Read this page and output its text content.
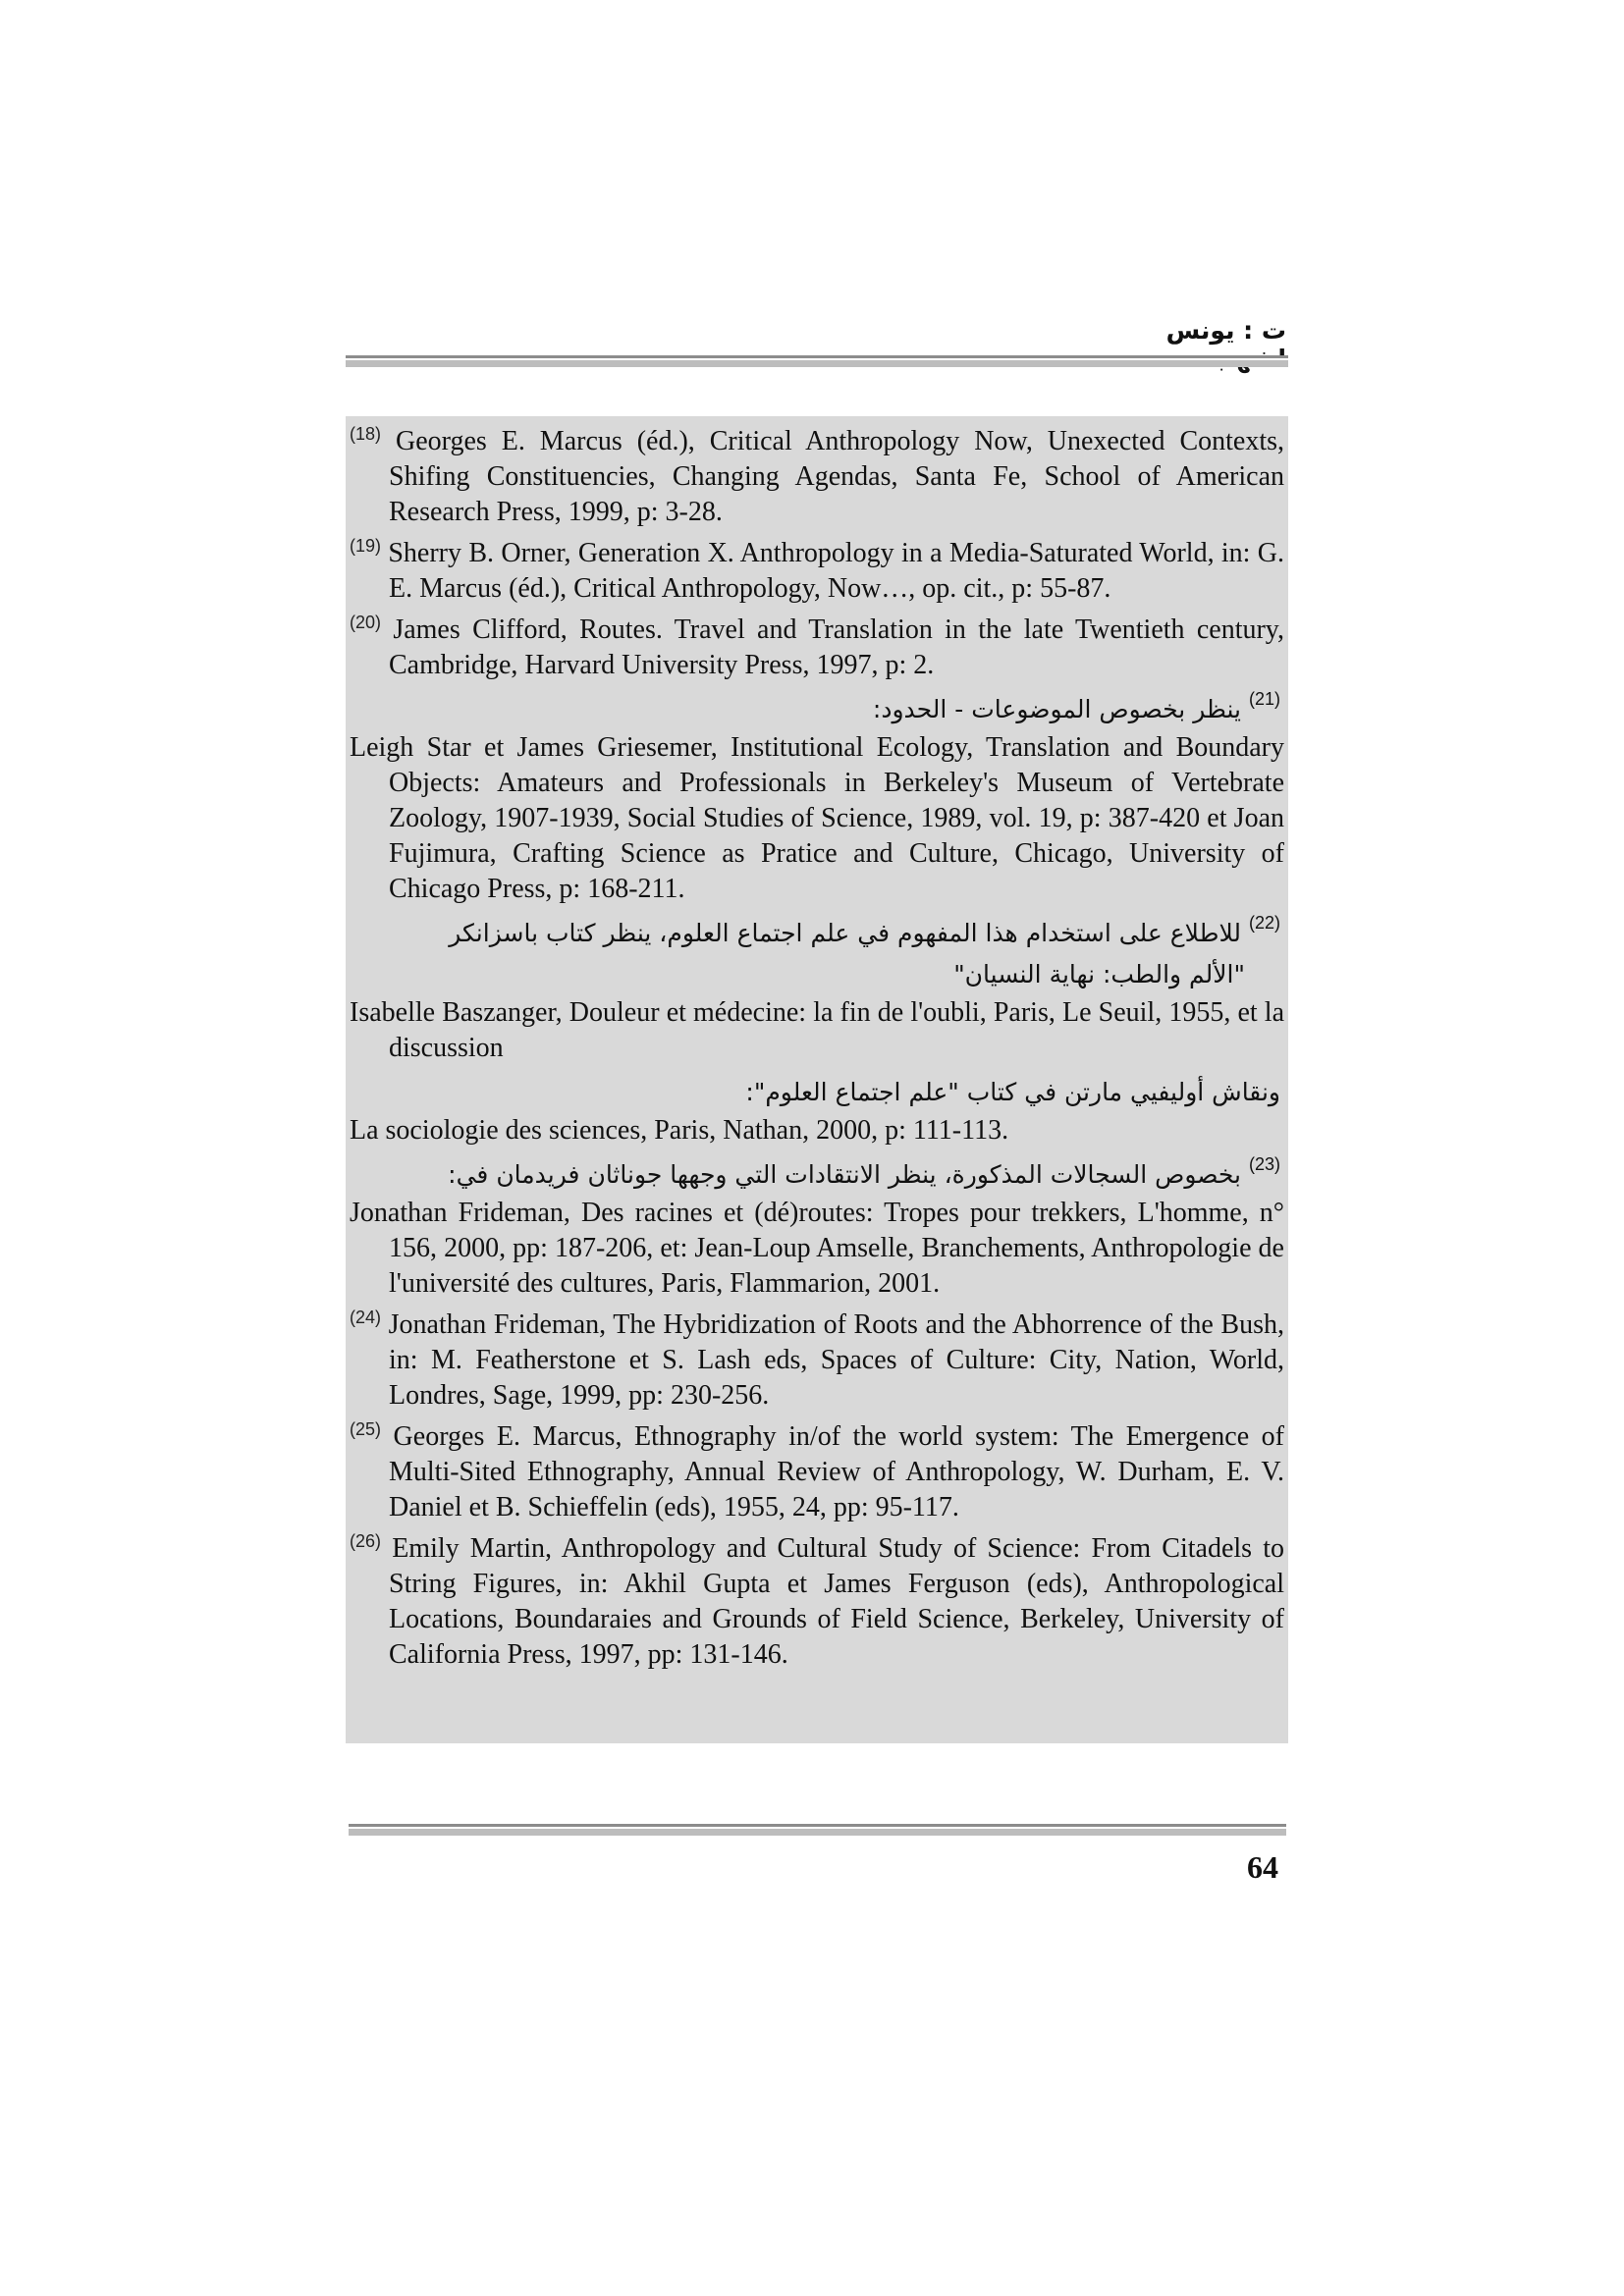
ت : يونس
$^{(18)}$ Georges E. Marcus (éd.), Critical Anthropology Now, Unexected Contexts, Shifing Constituencies, Changing Agendas, Santa Fe, School of American Research Press, 1999, p: 3-28.
$^{(19)}$ Sherry B. Orner, Generation X. Anthropology in a Media-Saturated World, in: G. E. Marcus (éd.), Critical Anthropology, Now…, op. cit., p: 55-87.
$^{(20)}$ James Clifford, Routes. Travel and Translation in the late Twentieth century, Cambridge, Harvard University Press, 1997, p: 2.
$^{(21)}$ ينظر بخصوص الموضوعات - الحدود:
Leigh Star et James Griesemer, Institutional Ecology, Translation and Boundary Objects: Amateurs and Professionals in Berkeley's Museum of Vertebrate Zoology, 1907-1939, Social Studies of Science, 1989, vol. 19, p: 387-420 et Joan Fujimura, Crafting Science as Pratice and Culture, Chicago, University of Chicago Press, p: 168-211.
$^{(22)}$ للاطلاع على استخدام هذا المفهوم في علم اجتماع العلوم، ينظر كتاب باسزانكر
"الألم والطب: نهاية النسيان"
Isabelle Baszanger, Douleur et médecine: la fin de l'oubli, Paris, Le Seuil, 1955, et la discussion
ونقاش أوليفيي مارتن في كتاب "علم اجتماع العلوم":
La sociologie des sciences, Paris, Nathan, 2000, p: 111-113.
$^{(23)}$ بخصوص السجالات المذكورة، ينظر الانتقادات التي وجهها جوناثان فريدمان في:
Jonathan Frideman, Des racines et (dé)routes: Tropes pour trekkers, L'homme, n° 156, 2000, pp: 187-206, et: Jean-Loup Amselle, Branchements, Anthropologie de l'université des cultures, Paris, Flammarion, 2001.
$^{(24)}$ Jonathan Frideman, The Hybridization of Roots and the Abhorrence of the Bush, in: M. Featherstone et S. Lash eds, Spaces of Culture: City, Nation, World, Londres, Sage, 1999, pp: 230-256.
$^{(25)}$ Georges E. Marcus, Ethnography in/of the world system: The Emergence of Multi-Sited Ethnography, Annual Review of Anthropology, W. Durham, E. V. Daniel et B. Schieffelin (eds), 1955, 24, pp: 95-117.
$^{(26)}$ Emily Martin, Anthropology and Cultural Study of Science: From Citadels to String Figures, in: Akhil Gupta et James Ferguson (eds), Anthropological Locations, Boundaraies and Grounds of Field Science, Berkeley, University of California Press, 1997, pp: 131-146.
64
